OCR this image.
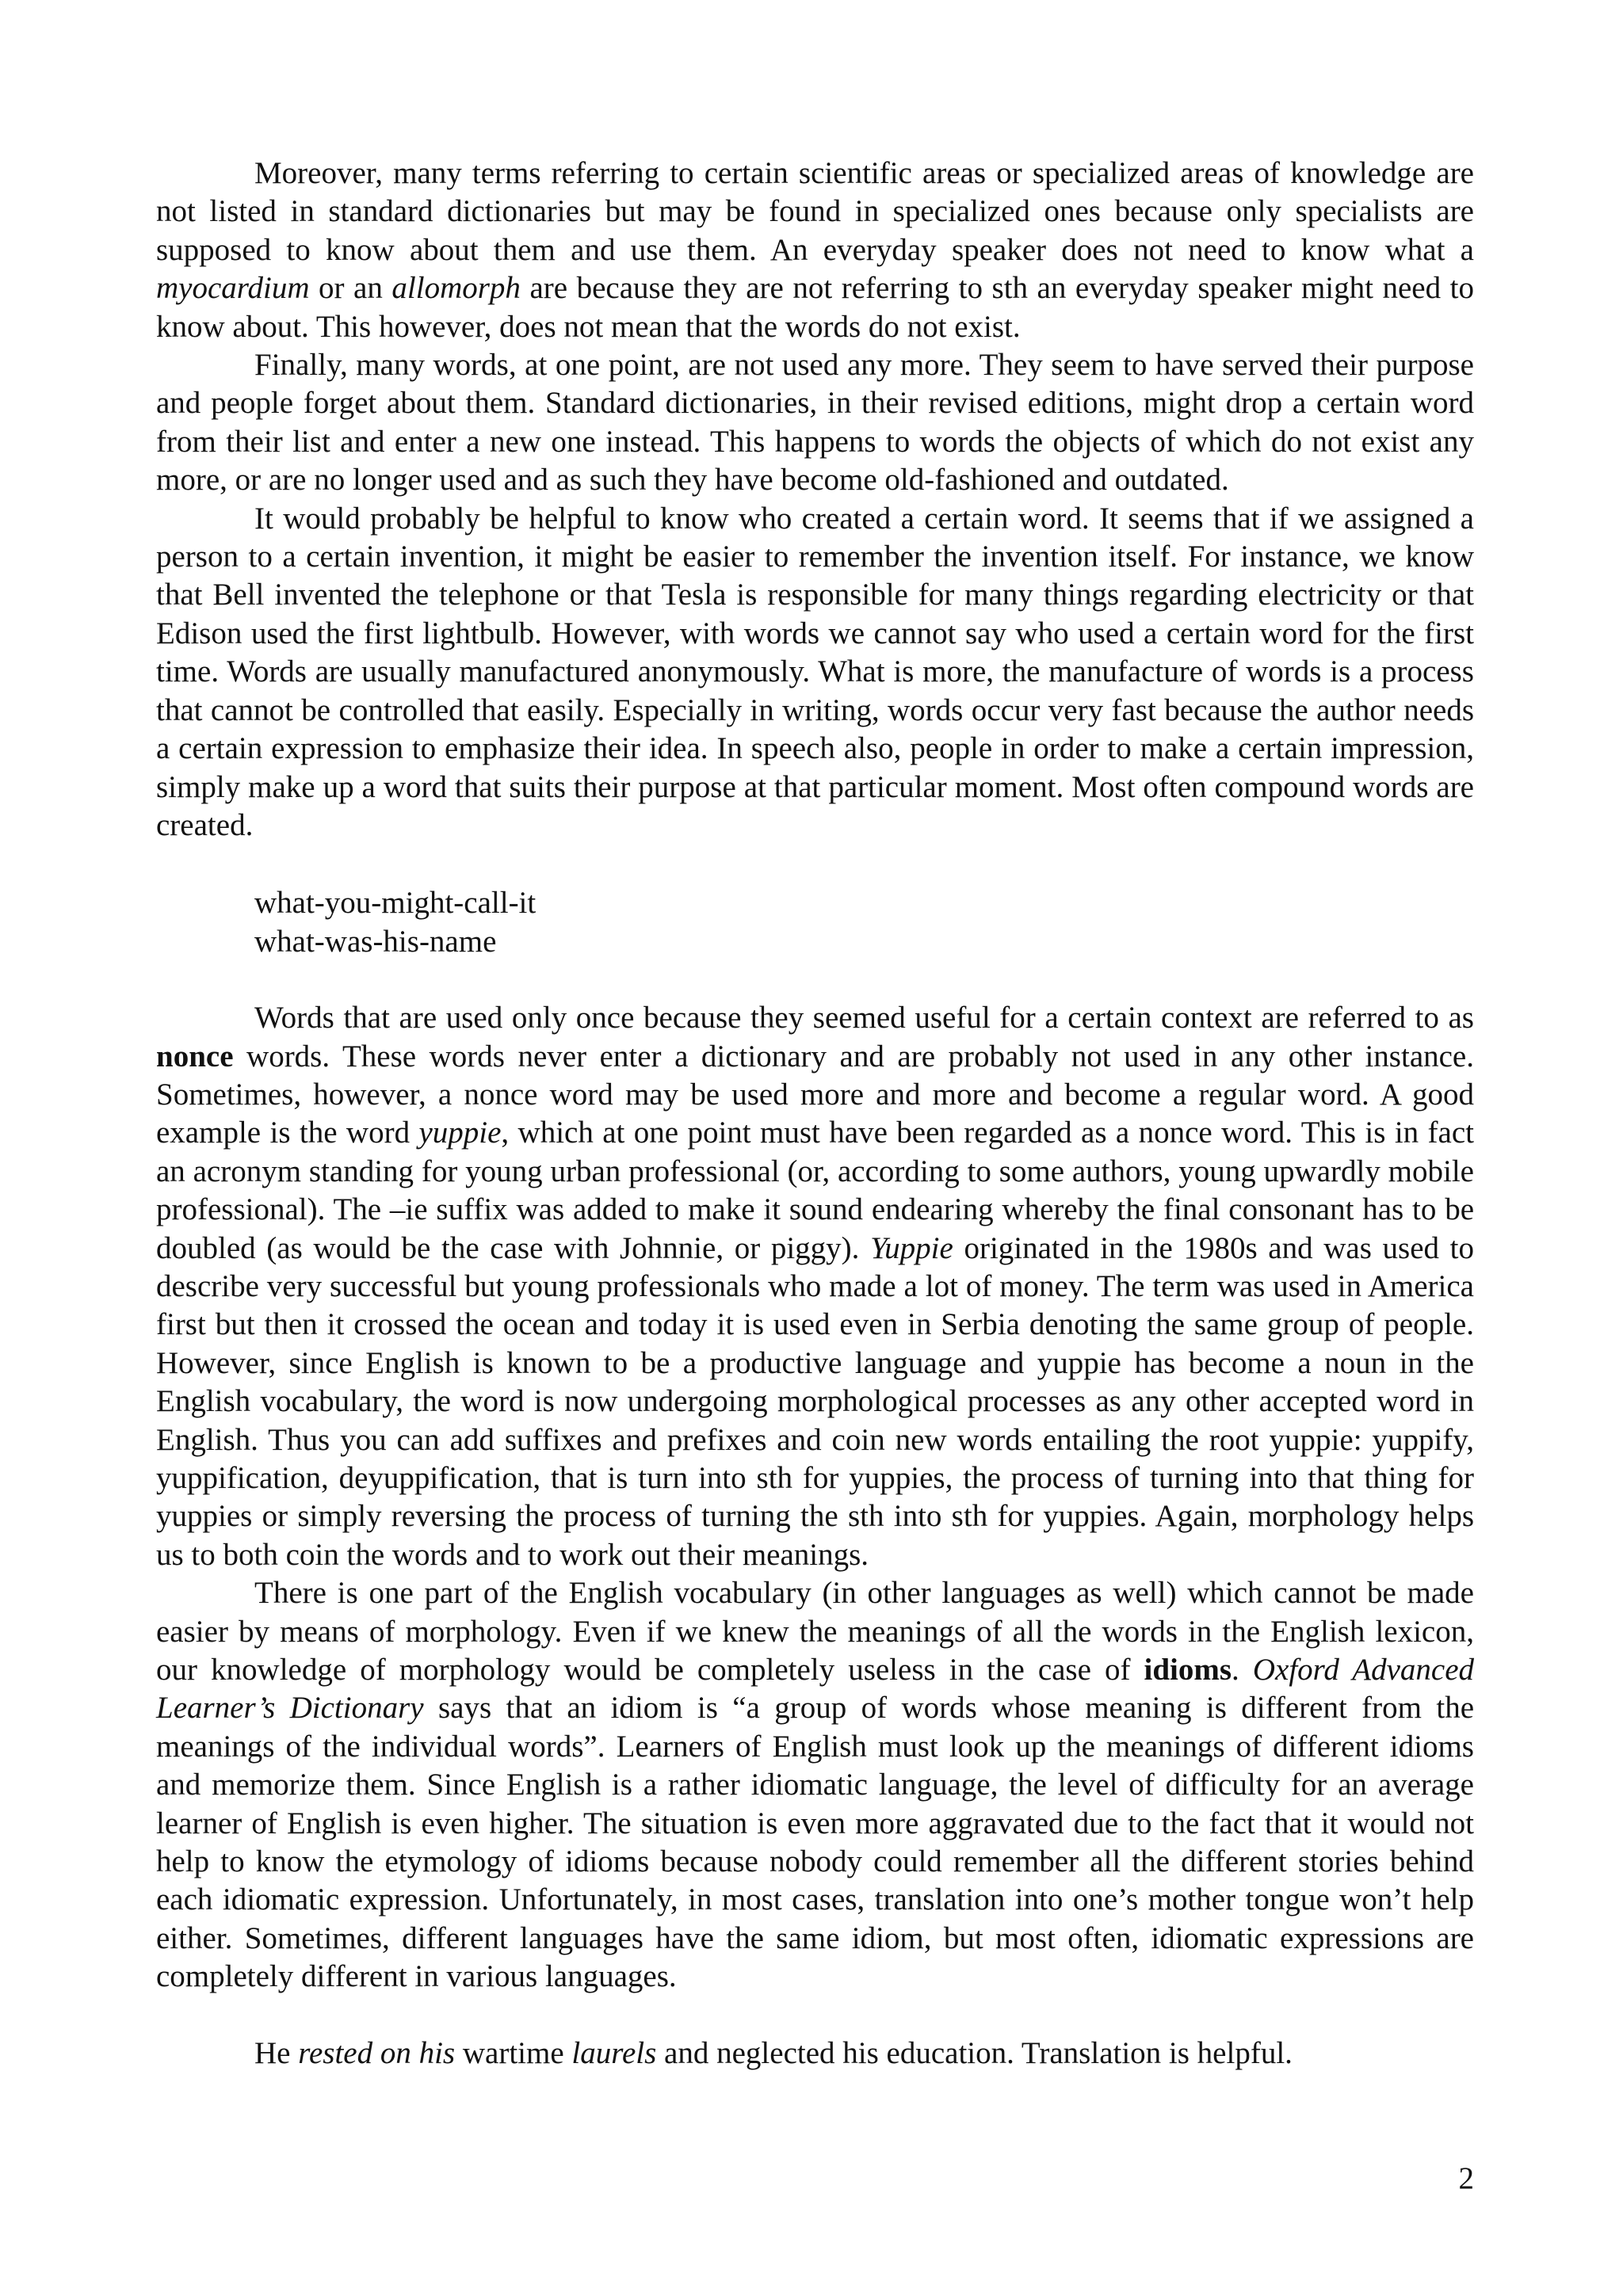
Moreover, many terms referring to certain scientific areas or specialized areas of knowledge are not listed in standard dictionaries but may be found in specialized ones because only specialists are supposed to know about them and use them. An everyday speaker does not need to know what a myocardium or an allomorph are because they are not referring to sth an everyday speaker might need to know about. This however, does not mean that the words do not exist.

Finally, many words, at one point, are not used any more. They seem to have served their purpose and people forget about them. Standard dictionaries, in their revised editions, might drop a certain word from their list and enter a new one instead. This happens to words the objects of which do not exist any more, or are no longer used and as such they have become old-fashioned and outdated.

It would probably be helpful to know who created a certain word. It seems that if we assigned a person to a certain invention, it might be easier to remember the invention itself. For instance, we know that Bell invented the telephone or that Tesla is responsible for many things regarding electricity or that Edison used the first lightbulb. However, with words we cannot say who used a certain word for the first time. Words are usually manufactured anonymously. What is more, the manufacture of words is a process that cannot be controlled that easily. Especially in writing, words occur very fast because the author needs a certain expression to emphasize their idea. In speech also, people in order to make a certain impression, simply make up a word that suits their purpose at that particular moment. Most often compound words are created.

what-you-might-call-it
what-was-his-name

Words that are used only once because they seemed useful for a certain context are referred to as nonce words. These words never enter a dictionary and are probably not used in any other instance. Sometimes, however, a nonce word may be used more and more and become a regular word. A good example is the word yuppie, which at one point must have been regarded as a nonce word. This is in fact an acronym standing for young urban professional (or, according to some authors, young upwardly mobile professional). The –ie suffix was added to make it sound endearing whereby the final consonant has to be doubled (as would be the case with Johnnie, or piggy). Yuppie originated in the 1980s and was used to describe very successful but young professionals who made a lot of money. The term was used in America first but then it crossed the ocean and today it is used even in Serbia denoting the same group of people. However, since English is known to be a productive language and yuppie has become a noun in the English vocabulary, the word is now undergoing morphological processes as any other accepted word in English. Thus you can add suffixes and prefixes and coin new words entailing the root yuppie: yuppify, yuppification, deyuppification, that is turn into sth for yuppies, the process of turning into that thing for yuppies or simply reversing the process of turning the sth into sth for yuppies. Again, morphology helps us to both coin the words and to work out their meanings.

There is one part of the English vocabulary (in other languages as well) which cannot be made easier by means of morphology. Even if we knew the meanings of all the words in the English lexicon, our knowledge of morphology would be completely useless in the case of idioms. Oxford Advanced Learner’s Dictionary says that an idiom is “a group of words whose meaning is different from the meanings of the individual words”. Learners of English must look up the meanings of different idioms and memorize them. Since English is a rather idiomatic language, the level of difficulty for an average learner of English is even higher. The situation is even more aggravated due to the fact that it would not help to know the etymology of idioms because nobody could remember all the different stories behind each idiomatic expression. Unfortunately, in most cases, translation into one’s mother tongue won’t help either. Sometimes, different languages have the same idiom, but most often, idiomatic expressions are completely different in various languages.

He rested on his wartime laurels and neglected his education. Translation is helpful.

2
